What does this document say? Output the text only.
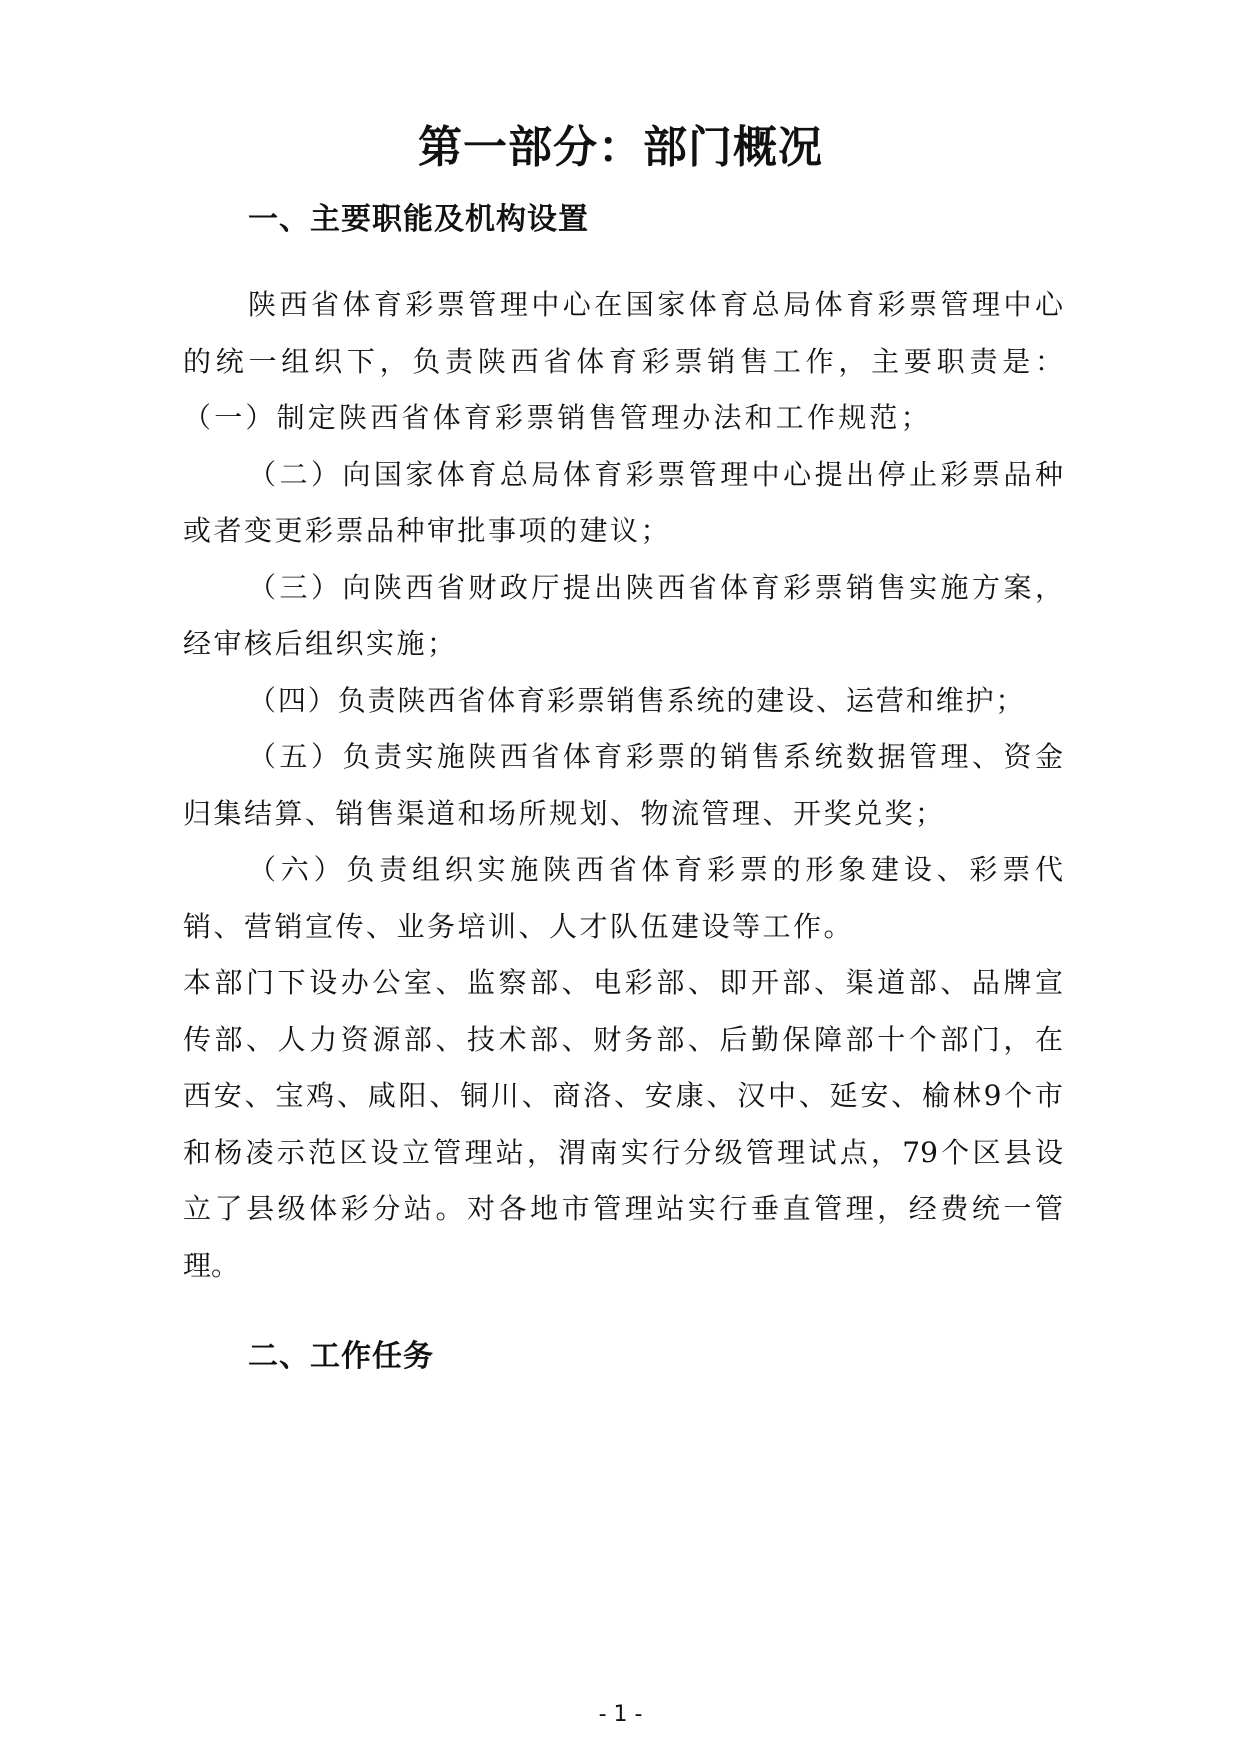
第一部分：部门概况
一、主要职能及机构设置
陕西省体育彩票管理中心在国家体育总局体育彩票管理中心
的统一组织下，负责陕西省体育彩票销售工作，主要职责是：
（一）制定陕西省体育彩票销售管理办法和工作规范；
（二）向国家体育总局体育彩票管理中心提出停止彩票品种
或者变更彩票品种审批事项的建议；
（三）向陕西省财政厅提出陕西省体育彩票销售实施方案，
经审核后组织实施；
（四）负责陕西省体育彩票销售系统的建设、运营和维护；
（五）负责实施陕西省体育彩票的销售系统数据管理、资金
归集结算、销售渠道和场所规划、物流管理、开奖兑奖；
（六）负责组织实施陕西省体育彩票的形象建设、彩票代
销、营销宣传、业务培训、人才队伍建设等工作。
本部门下设办公室、监察部、电彩部、即开部、渠道部、品牌宣
传部、人力资源部、技术部、财务部、后勤保障部十个部门，在
西安、宝鸡、咸阳、铜川、商洛、安康、汉中、延安、榆林9个市
和杨凌示范区设立管理站，渭南实行分级管理试点，79个区县设
立了县级体彩分站。对各地市管理站实行垂直管理，经费统一管
理。
二、工作任务
- 1 -
